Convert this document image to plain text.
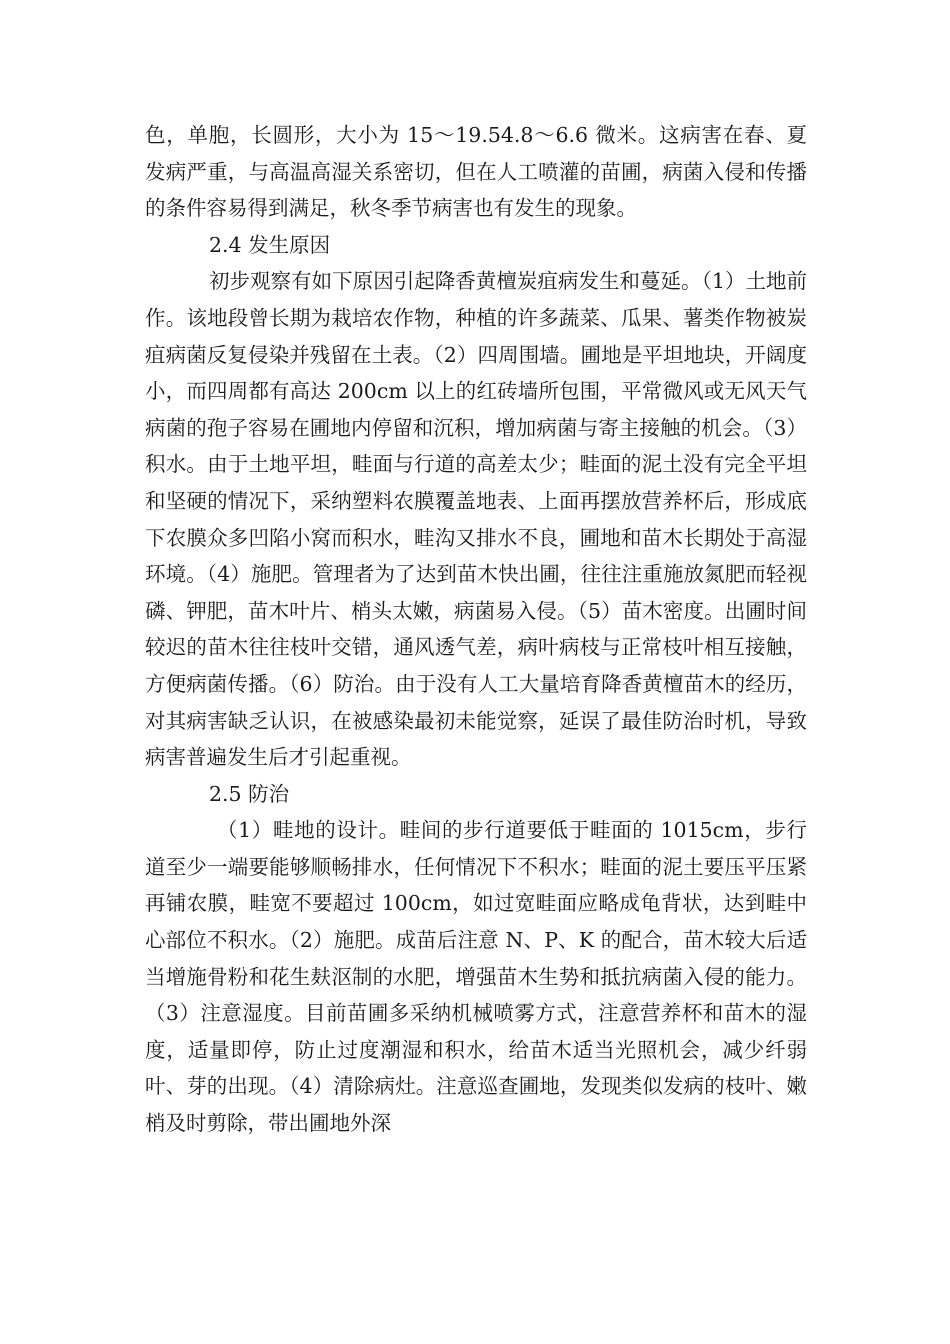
色，单胞，长圆形，大小为 15～19.54.8～6.6 微米。这病害在春、夏发病严重，与高温高湿关系密切，但在人工喷灌的苗圃，病菌入侵和传播的条件容易得到满足，秋冬季节病害也有发生的现象。

2.4 发生原因

初步观察有如下原因引起降香黄檀炭疽病发生和蔓延。（1）土地前作。该地段曾长期为栽培农作物，种植的许多蔬菜、瓜果、薯类作物被炭疽病菌反复侵染并残留在土表。（2）四周围墙。圃地是平坦地块，开阔度小，而四周都有高达 200cm 以上的红砖墙所包围，平常微风或无风天气病菌的孢子容易在圃地内停留和沉积，增加病菌与寄主接触的机会。（3）积水。由于土地平坦，畦面与行道的高差太少；畦面的泥土没有完全平坦和坚硬的情况下，采纳塑料农膜覆盖地表、上面再摆放营养杯后，形成底下农膜众多凹陷小窝而积水，畦沟又排水不良，圃地和苗木长期处于高湿环境。（4）施肥。管理者为了达到苗木快出圃，往往注重施放氮肥而轻视磷、钾肥，苗木叶片、梢头太嫩，病菌易入侵。（5）苗木密度。出圃时间较迟的苗木往往枝叶交错，通风透气差，病叶病枝与正常枝叶相互接触，方便病菌传播。（6）防治。由于没有人工大量培育降香黄檀苗木的经历，对其病害缺乏认识，在被感染最初未能觉察，延误了最佳防治时机，导致病害普遍发生后才引起重视。

2.5 防治

（1）畦地的设计。畦间的步行道要低于畦面的 1015cm，步行道至少一端要能够顺畅排水，任何情况下不积水；畦面的泥土要压平压紧再铺农膜，畦宽不要超过 100cm，如过宽畦面应略成龟背状，达到畦中心部位不积水。（2）施肥。成苗后注意 N、P、K 的配合，苗木较大后适当增施骨粉和花生麸沤制的水肥，增强苗木生势和抵抗病菌入侵的能力。（3）注意湿度。目前苗圃多采纳机械喷雾方式，注意营养杯和苗木的湿度，适量即停，防止过度潮湿和积水，给苗木适当光照机会，减少纤弱叶、芽的出现。（4）清除病灶。注意巡查圃地，发现类似发病的枝叶、嫩梢及时剪除，带出圃地外深
